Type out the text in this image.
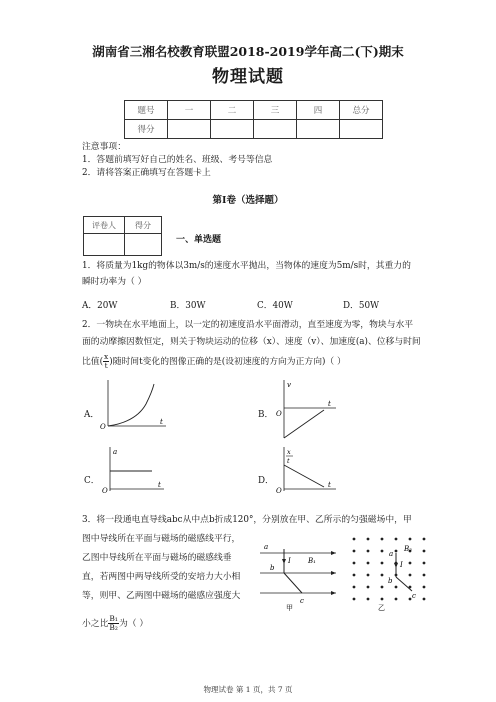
湖南省三湘名校教育联盟2018-2019学年高二(下)期末
物理试题
题号	一	二	三	四	总分
得分					
注意事项：
1．答题前填写好自己的姓名、班级、考号等信息
2．请将答案正确填写在答题卡上
第I卷（选择题）
评卷人	得分

一、单选题
1．将质量为1kg的物体以3m/s的速度水平抛出，当物体的速度为5m/s时，其重力的
瞬时功率为（ ）
A．20W	B．30W	C．40W	D．50W
2．一物块在水平地面上，以一定的初速度沿水平面滑动，直至速度为零，物块与水平
面的动摩擦因数恒定，则关于物块运动的位移（x）、速度（v）、加速度(a)、位移与时间
比值( $\frac{x}{t}$ )随时间t变化的图像正确的是(设初速度的方向为正方向)（ ）
A．	B．
C．	D．
O
t
v
O
t
a
O
t
x
t
O
t
3．将一段通电直导线abc从中点b折成120°，分别放在甲、乙所示的匀强磁场中，甲
图中导线所在平面与磁场的磁感线平行，
乙图中导线所在平面与磁场的磁感线垂
直，若两图中两导线所受的安培力大小相
等，则甲、乙两图中磁场的磁感应强度大
小之比 $\frac{\text{B₁}}{\text{B₂}}$ 为（ ）
a
b
c
I B₁
甲
a
b
c
I
B₂
乙
物理试卷 第 1 页，共 7 页
